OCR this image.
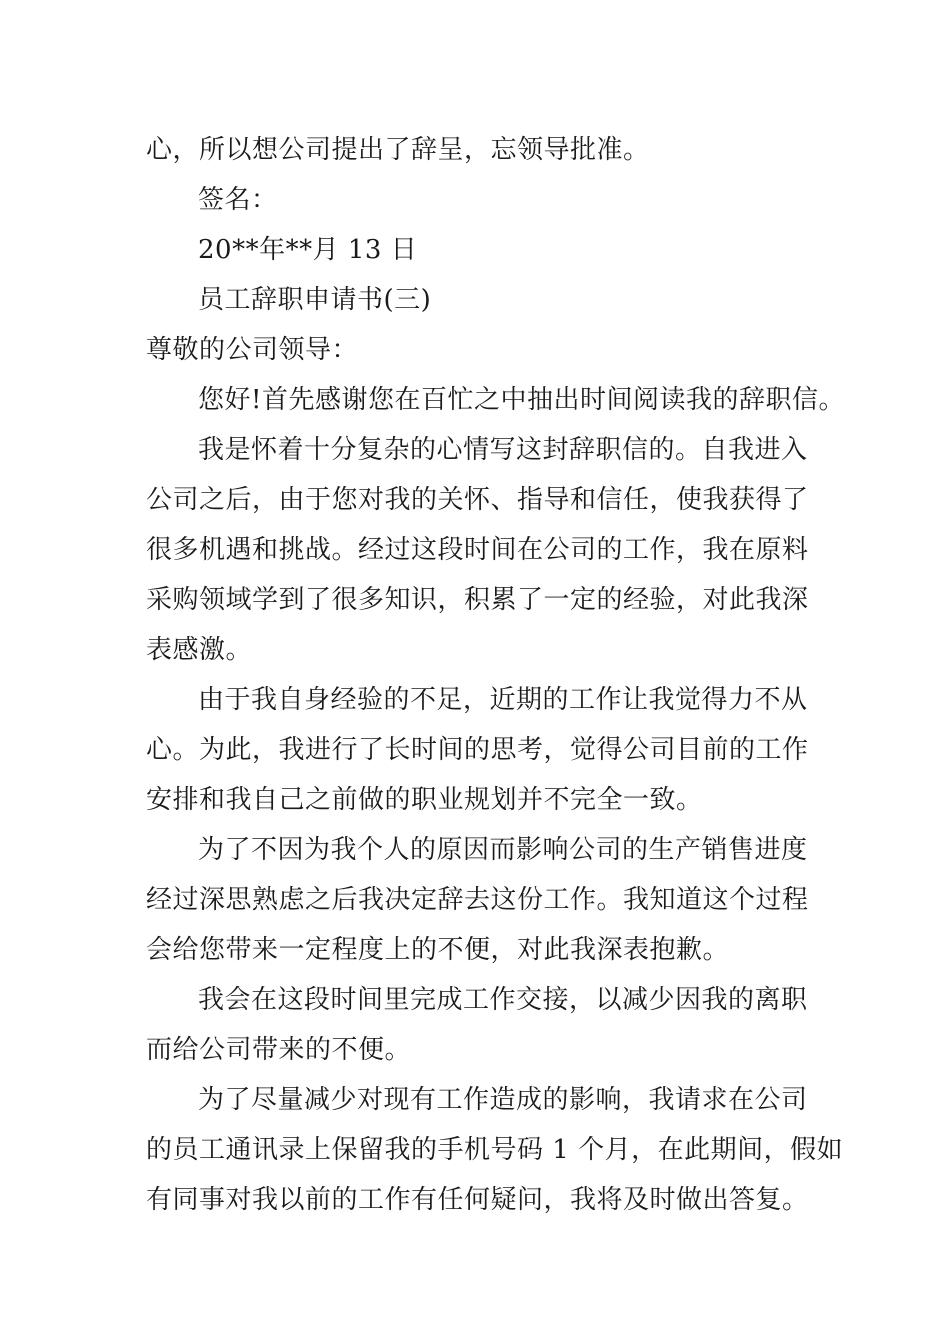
心，所以想公司提出了辞呈，忘领导批准。
签名：
20**年**月 13 日
员工辞职申请书(三)
尊敬的公司领导：
您好!首先感谢您在百忙之中抽出时间阅读我的辞职信。
我是怀着十分复杂的心情写这封辞职信的。自我进入
公司之后，由于您对我的关怀、指导和信任，使我获得了
很多机遇和挑战。经过这段时间在公司的工作，我在原料
采购领域学到了很多知识，积累了一定的经验，对此我深
表感激。
由于我自身经验的不足，近期的工作让我觉得力不从
心。为此，我进行了长时间的思考，觉得公司目前的工作
安排和我自己之前做的职业规划并不完全一致。
为了不因为我个人的原因而影响公司的生产销售进度
经过深思熟虑之后我决定辞去这份工作。我知道这个过程
会给您带来一定程度上的不便，对此我深表抱歉。
我会在这段时间里完成工作交接，以减少因我的离职
而给公司带来的不便。
为了尽量减少对现有工作造成的影响，我请求在公司
的员工通讯录上保留我的手机号码 1 个月，在此期间，假如
有同事对我以前的工作有任何疑问，我将及时做出答复。
